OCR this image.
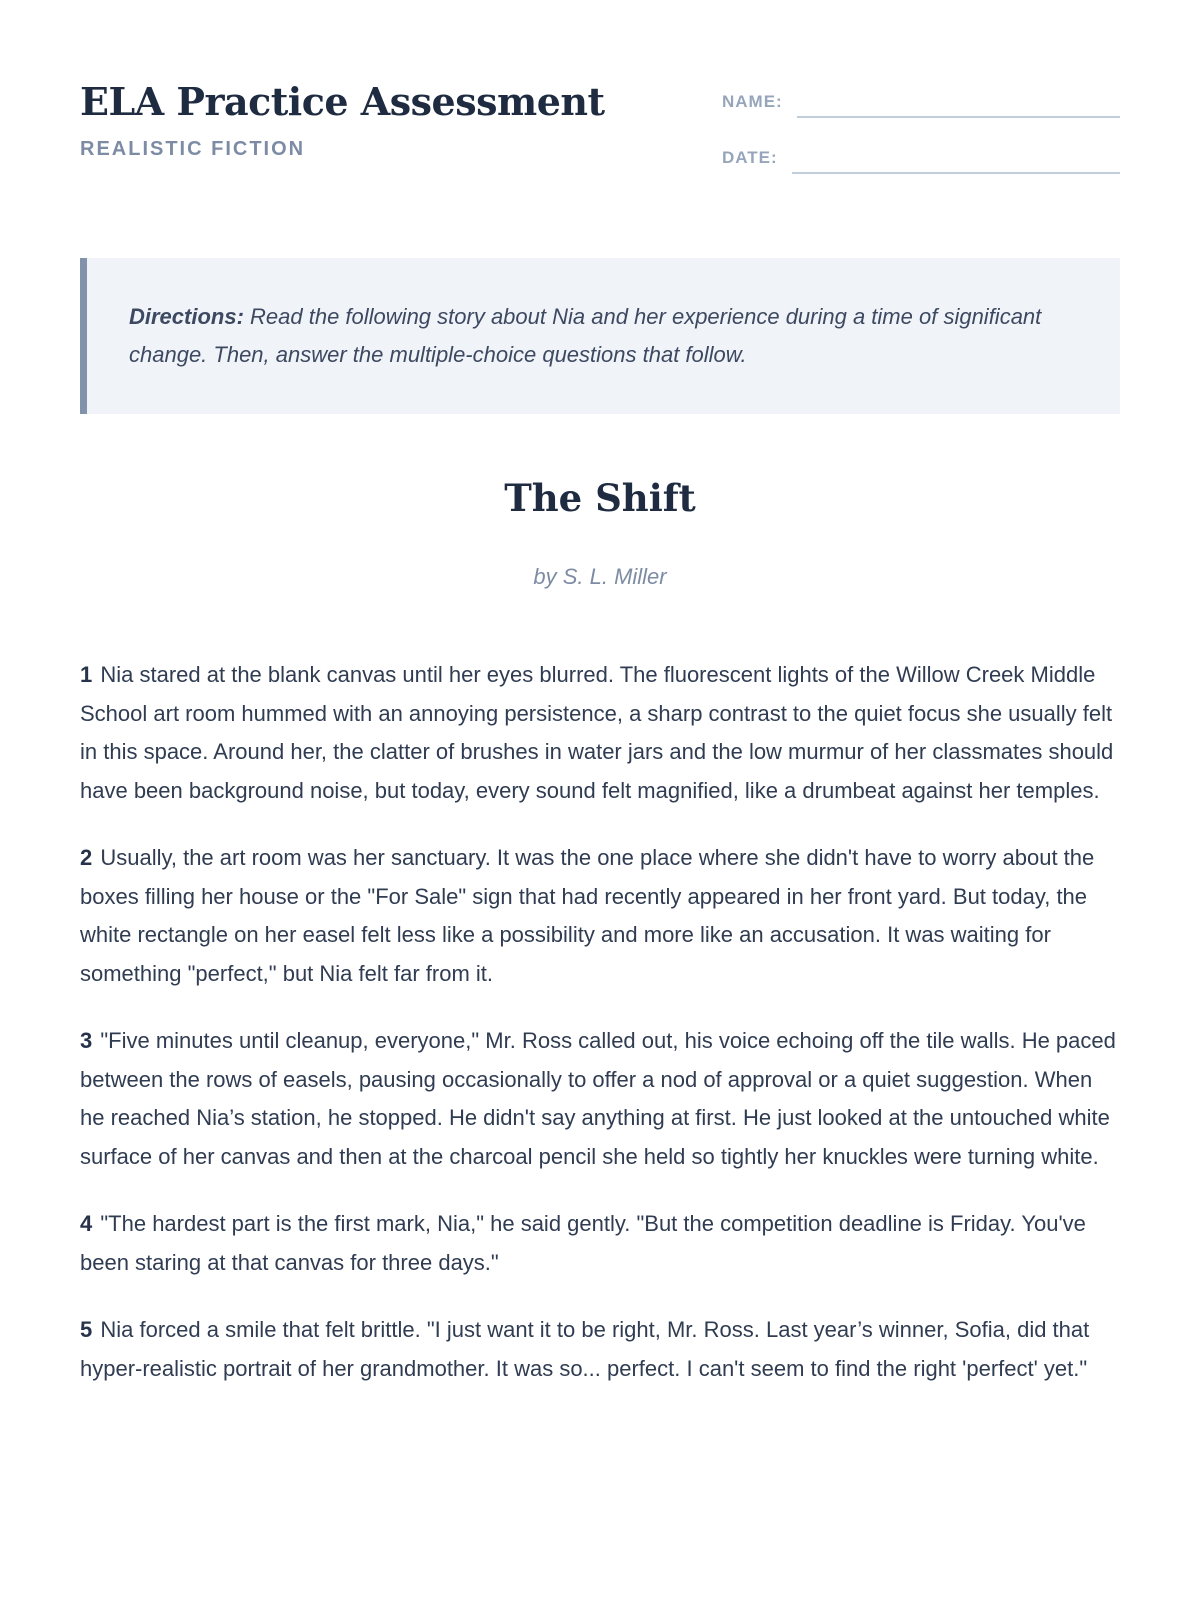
ELA Practice Assessment
REALISTIC FICTION
NAME:
DATE:
Directions: Read the following story about Nia and her experience during a time of significant change. Then, answer the multiple-choice questions that follow.
The Shift
by S. L. Miller

1 Nia stared at the blank canvas until her eyes blurred. The fluorescent lights of the Willow Creek Middle School art room hummed with an annoying persistence, a sharp contrast to the quiet focus she usually felt in this space. Around her, the clatter of brushes in water jars and the low murmur of her classmates should have been background noise, but today, every sound felt magnified, like a drumbeat against her temples.

2 Usually, the art room was her sanctuary. It was the one place where she didn't have to worry about the boxes filling her house or the "For Sale" sign that had recently appeared in her front yard. But today, the white rectangle on her easel felt less like a possibility and more like an accusation. It was waiting for something "perfect," but Nia felt far from it.

3 "Five minutes until cleanup, everyone," Mr. Ross called out, his voice echoing off the tile walls. He paced between the rows of easels, pausing occasionally to offer a nod of approval or a quiet suggestion. When he reached Nia’s station, he stopped. He didn't say anything at first. He just looked at the untouched white surface of her canvas and then at the charcoal pencil she held so tightly her knuckles were turning white.

4 "The hardest part is the first mark, Nia," he said gently. "But the competition deadline is Friday. You've been staring at that canvas for three days."

5 Nia forced a smile that felt brittle. "I just want it to be right, Mr. Ross. Last year’s winner, Sofia, did that hyper-realistic portrait of her grandmother. It was so... perfect. I can't seem to find the right 'perfect' yet."
